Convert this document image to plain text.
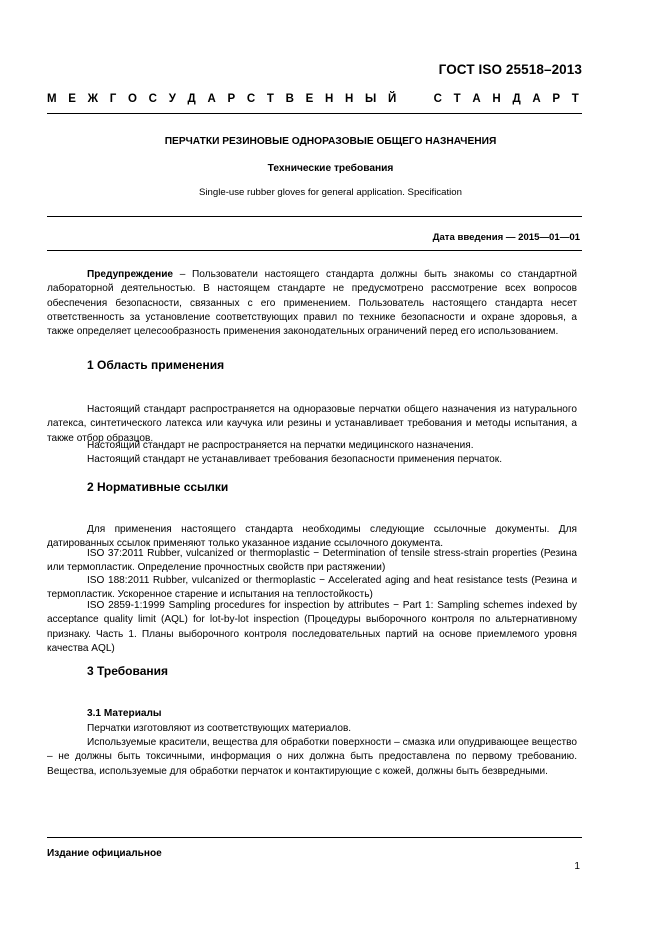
ГОСТ ISO 25518–2013
М Е Ж Г О С У Д А Р С Т В Е Н Н Ы Й	С Т А Н Д А Р Т
ПЕРЧАТКИ РЕЗИНОВЫЕ ОДНОРАЗОВЫЕ ОБЩЕГО НАЗНАЧЕНИЯ
Технические требования
Single-use rubber gloves for general application. Specification
Дата введения — 2015—01—01
Предупреждение – Пользователи настоящего стандарта должны быть знакомы со стандартной лабораторной деятельностью. В настоящем стандарте не предусмотрено рассмотрение всех вопросов обеспечения безопасности, связанных с его применением. Пользователь настоящего стандарта несет ответственность за установление соответствующих правил по технике безопасности и охране здоровья, а также определяет целесообразность применения законодательных ограничений перед его использованием.
1 Область применения
Настоящий стандарт распространяется на одноразовые перчатки общего назначения из натурального латекса, синтетического латекса или каучука или резины и устанавливает требования и методы испытания, а также отбор образцов.
Настоящий стандарт не распространяется на перчатки медицинского назначения.
Настоящий стандарт не устанавливает требования безопасности применения перчаток.
2 Нормативные ссылки
Для применения настоящего стандарта необходимы следующие ссылочные документы. Для датированных ссылок применяют только указанное издание ссылочного документа.
ISO 37:2011 Rubber, vulcanized or thermoplastic − Determination of tensile stress-strain properties (Резина или термопластик. Определение прочностных свойств при растяжении)
ISO 188:2011 Rubber, vulcanized or thermoplastic − Accelerated aging and heat resistance tests (Резина и термопластик. Ускоренное старение и испытания на теплостойкость)
ISO 2859-1:1999 Sampling procedures for inspection by attributes − Part 1: Sampling schemes indexed by acceptance quality limit (AQL) for lot-by-lot inspection (Процедуры выборочного контроля по альтернативному признаку. Часть 1. Планы выборочного контроля последовательных партий на основе приемлемого уровня качества AQL)
3 Требования
3.1 Материалы
Перчатки изготовляют из соответствующих материалов.
Используемые красители, вещества для обработки поверхности – смазка или опудривающее вещество – не должны быть токсичными, информация о них должна быть предоставлена по первому требованию. Вещества, используемые для обработки перчаток и контактирующие с кожей, должны быть безвредными.
Издание официальное
1
